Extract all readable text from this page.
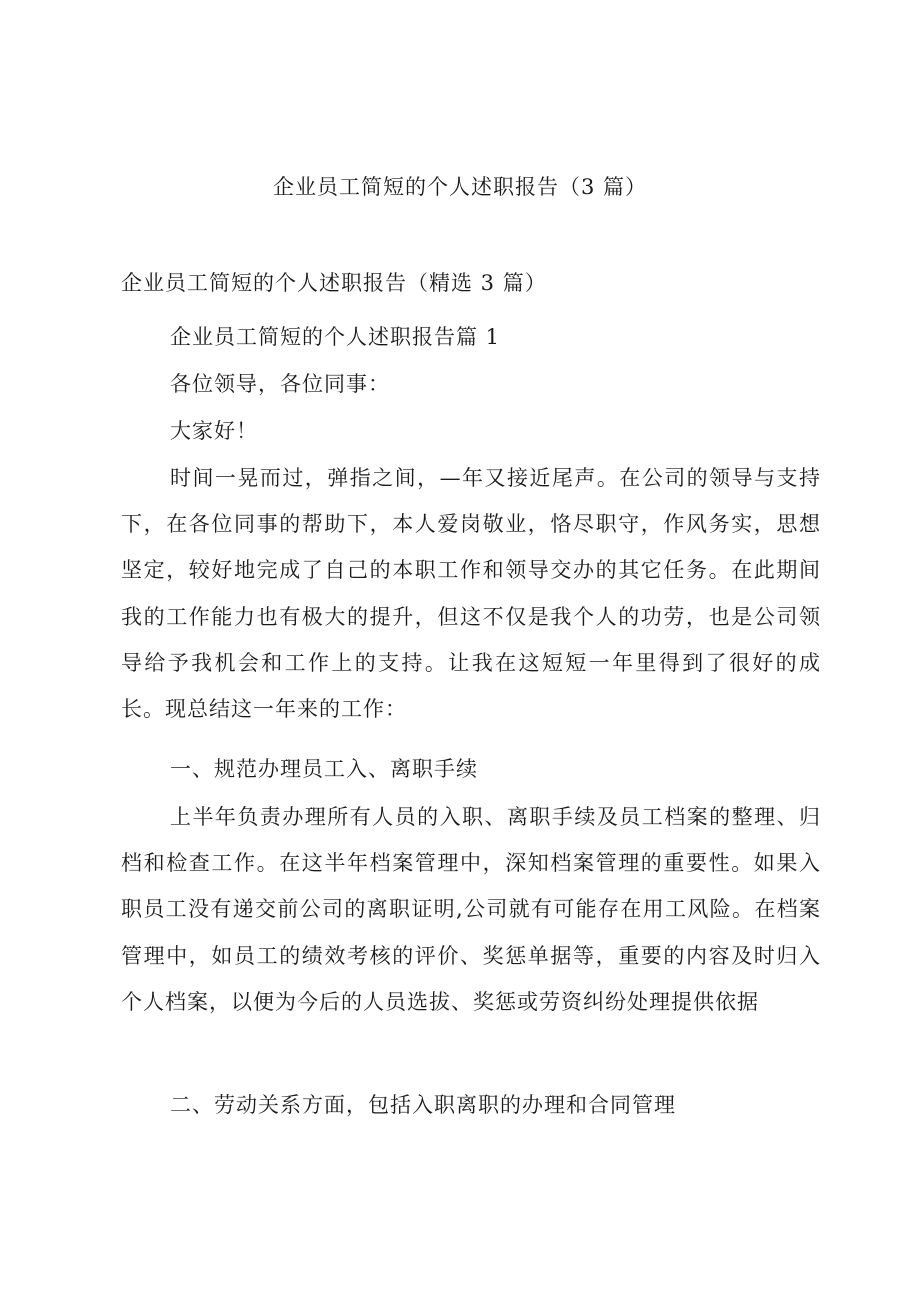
企业员工简短的个人述职报告（3 篇）
企业员工简短的个人述职报告（精选 3 篇）
企业员工简短的个人述职报告篇 1
各位领导，各位同事：
大家好！
时间一晃而过，弹指之间，—年又接近尾声。在公司的领导与支持下，在各位同事的帮助下，本人爱岗敬业，恪尽职守，作风务实，思想坚定，较好地完成了自己的本职工作和领导交办的其它任务。在此期间我的工作能力也有极大的提升，但这不仅是我个人的功劳，也是公司领导给予我机会和工作上的支持。让我在这短短一年里得到了很好的成长。现总结这一年来的工作：
一、规范办理员工入、离职手续
上半年负责办理所有人员的入职、离职手续及员工档案的整理、归档和检查工作。在这半年档案管理中，深知档案管理的重要性。如果入职员工没有递交前公司的离职证明,公司就有可能存在用工风险。在档案管理中，如员工的绩效考核的评价、奖惩单据等，重要的内容及时归入个人档案，以便为今后的人员选拔、奖惩或劳资纠纷处理提供依据
二、劳动关系方面，包括入职离职的办理和合同管理
